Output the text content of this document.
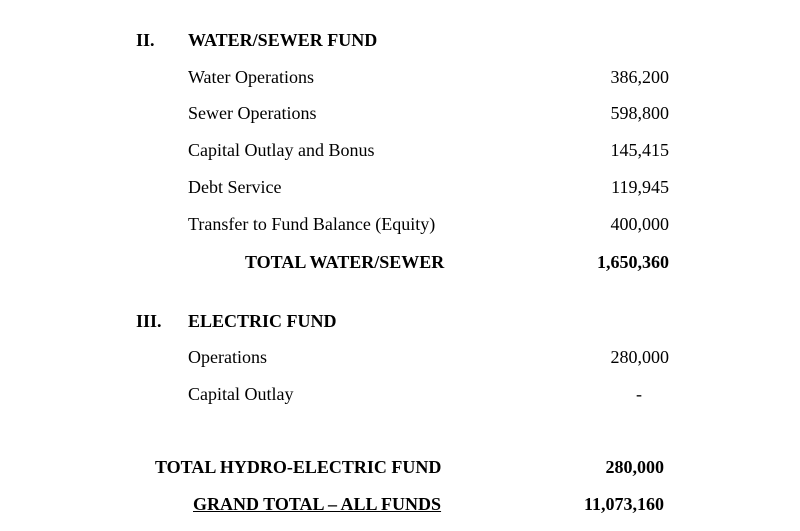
II. WATER/SEWER FUND
Water Operations	386,200
Sewer Operations	598,800
Capital Outlay and Bonus	145,415
Debt Service	119,945
Transfer to Fund Balance (Equity)	400,000
TOTAL WATER/SEWER	1,650,360
III. ELECTRIC FUND
Operations	280,000
Capital Outlay	-
TOTAL HYDRO-ELECTRIC FUND	280,000
GRAND TOTAL – ALL FUNDS	11,073,160
